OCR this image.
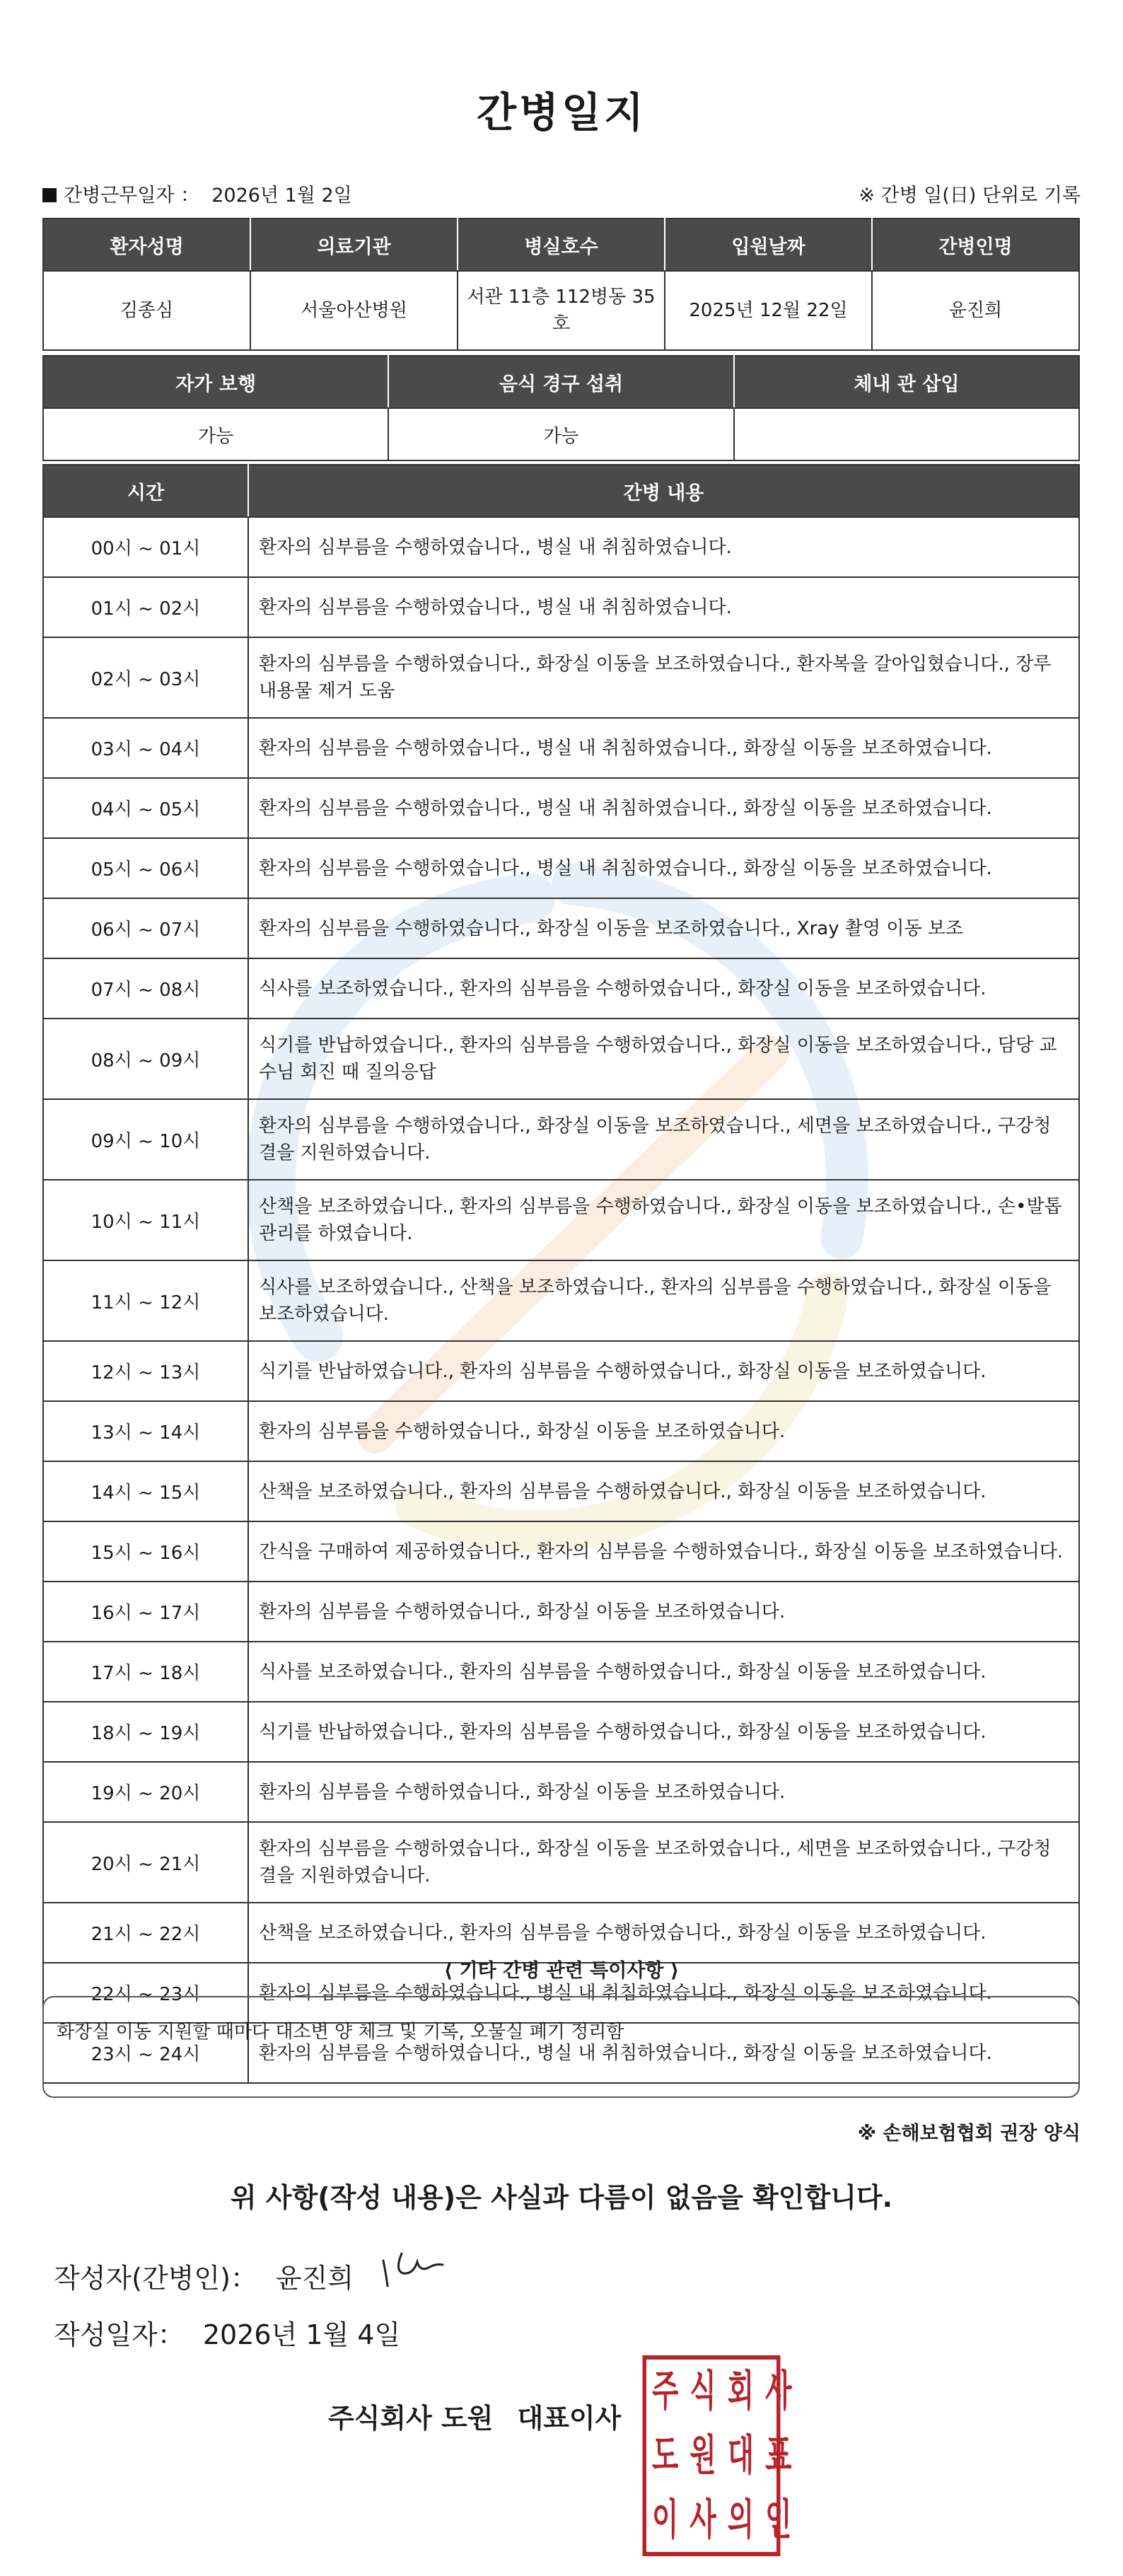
간병일지
간병근무일자 ： 2026년 1월 2일	※ 간병 일(日) 단위로 기록
환자성명	의료기관	병실호수	입원날짜	간병인명
김종심	서울아산병원	서관 11층 112병동 35호	2025년 12월 22일	윤진희
자가 보행	음식 경구 섭취	체내 관 삽입
가능	가능	
시간	간병 내용
00시 ~ 01시	환자의 심부름을 수행하였습니다., 병실 내 취침하였습니다.
01시 ~ 02시	환자의 심부름을 수행하였습니다., 병실 내 취침하였습니다.
02시 ~ 03시	환자의 심부름을 수행하였습니다., 화장실 이동을 보조하였습니다., 환자복을 갈아입혔습니다., 장루 내용물 제거 도움
03시 ~ 04시	환자의 심부름을 수행하였습니다., 병실 내 취침하였습니다., 화장실 이동을 보조하였습니다.
04시 ~ 05시	환자의 심부름을 수행하였습니다., 병실 내 취침하였습니다., 화장실 이동을 보조하였습니다.
05시 ~ 06시	환자의 심부름을 수행하였습니다., 병실 내 취침하였습니다., 화장실 이동을 보조하였습니다.
06시 ~ 07시	환자의 심부름을 수행하였습니다., 화장실 이동을 보조하였습니다., Xray 촬영 이동 보조
07시 ~ 08시	식사를 보조하였습니다., 환자의 심부름을 수행하였습니다., 화장실 이동을 보조하였습니다.
08시 ~ 09시	식기를 반납하였습니다., 환자의 심부름을 수행하였습니다., 화장실 이동을 보조하였습니다., 담당 교수님 회진 때 질의응답
09시 ~ 10시	환자의 심부름을 수행하였습니다., 화장실 이동을 보조하였습니다., 세면을 보조하였습니다., 구강청결을 지원하였습니다.
10시 ~ 11시	산책을 보조하였습니다., 환자의 심부름을 수행하였습니다., 화장실 이동을 보조하였습니다., 손•발톱 관리를 하였습니다.
11시 ~ 12시	식사를 보조하였습니다., 산책을 보조하였습니다., 환자의 심부름을 수행하였습니다., 화장실 이동을 보조하였습니다.
12시 ~ 13시	식기를 반납하였습니다., 환자의 심부름을 수행하였습니다., 화장실 이동을 보조하였습니다.
13시 ~ 14시	환자의 심부름을 수행하였습니다., 화장실 이동을 보조하였습니다.
14시 ~ 15시	산책을 보조하였습니다., 환자의 심부름을 수행하였습니다., 화장실 이동을 보조하였습니다.
15시 ~ 16시	간식을 구매하여 제공하였습니다., 환자의 심부름을 수행하였습니다., 화장실 이동을 보조하였습니다.
16시 ~ 17시	환자의 심부름을 수행하였습니다., 화장실 이동을 보조하였습니다.
17시 ~ 18시	식사를 보조하였습니다., 환자의 심부름을 수행하였습니다., 화장실 이동을 보조하였습니다.
18시 ~ 19시	식기를 반납하였습니다., 환자의 심부름을 수행하였습니다., 화장실 이동을 보조하였습니다.
19시 ~ 20시	환자의 심부름을 수행하였습니다., 화장실 이동을 보조하였습니다.
20시 ~ 21시	환자의 심부름을 수행하였습니다., 화장실 이동을 보조하였습니다., 세면을 보조하였습니다., 구강청결을 지원하였습니다.
21시 ~ 22시	산책을 보조하였습니다., 환자의 심부름을 수행하였습니다., 화장실 이동을 보조하였습니다.
22시 ~ 23시	환자의 심부름을 수행하였습니다., 병실 내 취침하였습니다., 화장실 이동을 보조하였습니다.
23시 ~ 24시	환자의 심부름을 수행하였습니다., 병실 내 취침하였습니다., 화장실 이동을 보조하였습니다.
⟨ 기타 간병 관련 특이사항 ⟩
화장실 이동 지원할 때마다 대소변 양 체크 및 기록, 오물실 폐기 정리함
※ 손해보험협회 권장 양식
위 사항(작성 내용)은 사실과 다름이 없음을 확인합니다.
작성자(간병인)： 윤진희
작성일자： 2026년 1월 4일
주식회사 도원 대표이사
주 식 회 사
도 원 대 표
이 사 의 인
